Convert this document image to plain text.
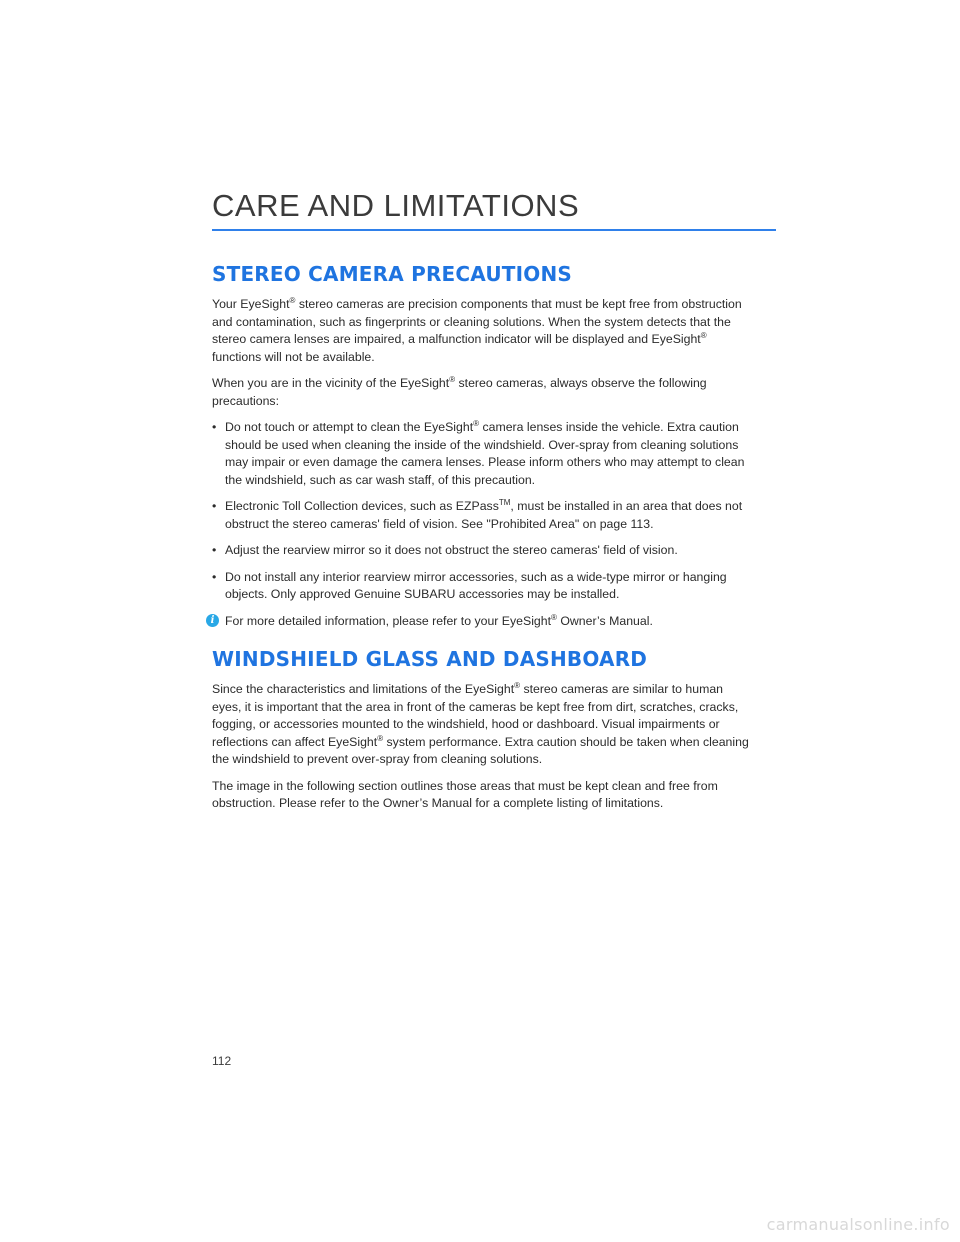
CARE AND LIMITATIONS
STEREO CAMERA PRECAUTIONS

Your EyeSight® stereo cameras are precision components that must be kept free from obstruction and contamination, such as fingerprints or cleaning solutions. When the system detects that the stereo camera lenses are impaired, a malfunction indicator will be displayed and EyeSight® functions will not be available.

When you are in the vicinity of the EyeSight® stereo cameras, always observe the following precautions:

• Do not touch or attempt to clean the EyeSight® camera lenses inside the vehicle. Extra caution should be used when cleaning the inside of the windshield. Over-spray from cleaning solutions may impair or even damage the camera lenses. Please inform others who may attempt to clean the windshield, such as car wash staff, of this precaution.
• Electronic Toll Collection devices, such as EZPass™, must be installed in an area that does not obstruct the stereo cameras' field of vision. See "Prohibited Area" on page 113.
• Adjust the rearview mirror so it does not obstruct the stereo cameras' field of vision.
• Do not install any interior rearview mirror accessories, such as a wide-type mirror or hanging objects. Only approved Genuine SUBARU accessories may be installed.
i For more detailed information, please refer to your EyeSight® Owner’s Manual.
WINDSHIELD GLASS AND DASHBOARD

Since the characteristics and limitations of the EyeSight® stereo cameras are similar to human eyes, it is important that the area in front of the cameras be kept free from dirt, scratches, cracks, fogging, or accessories mounted to the windshield, hood or dashboard. Visual impairments or reflections can affect EyeSight® system performance. Extra caution should be taken when cleaning the windshield to prevent over-spray from cleaning solutions.

The image in the following section outlines those areas that must be kept clean and free from obstruction. Please refer to the Owner’s Manual for a complete listing of limitations.

112
carmanualsonline.info
